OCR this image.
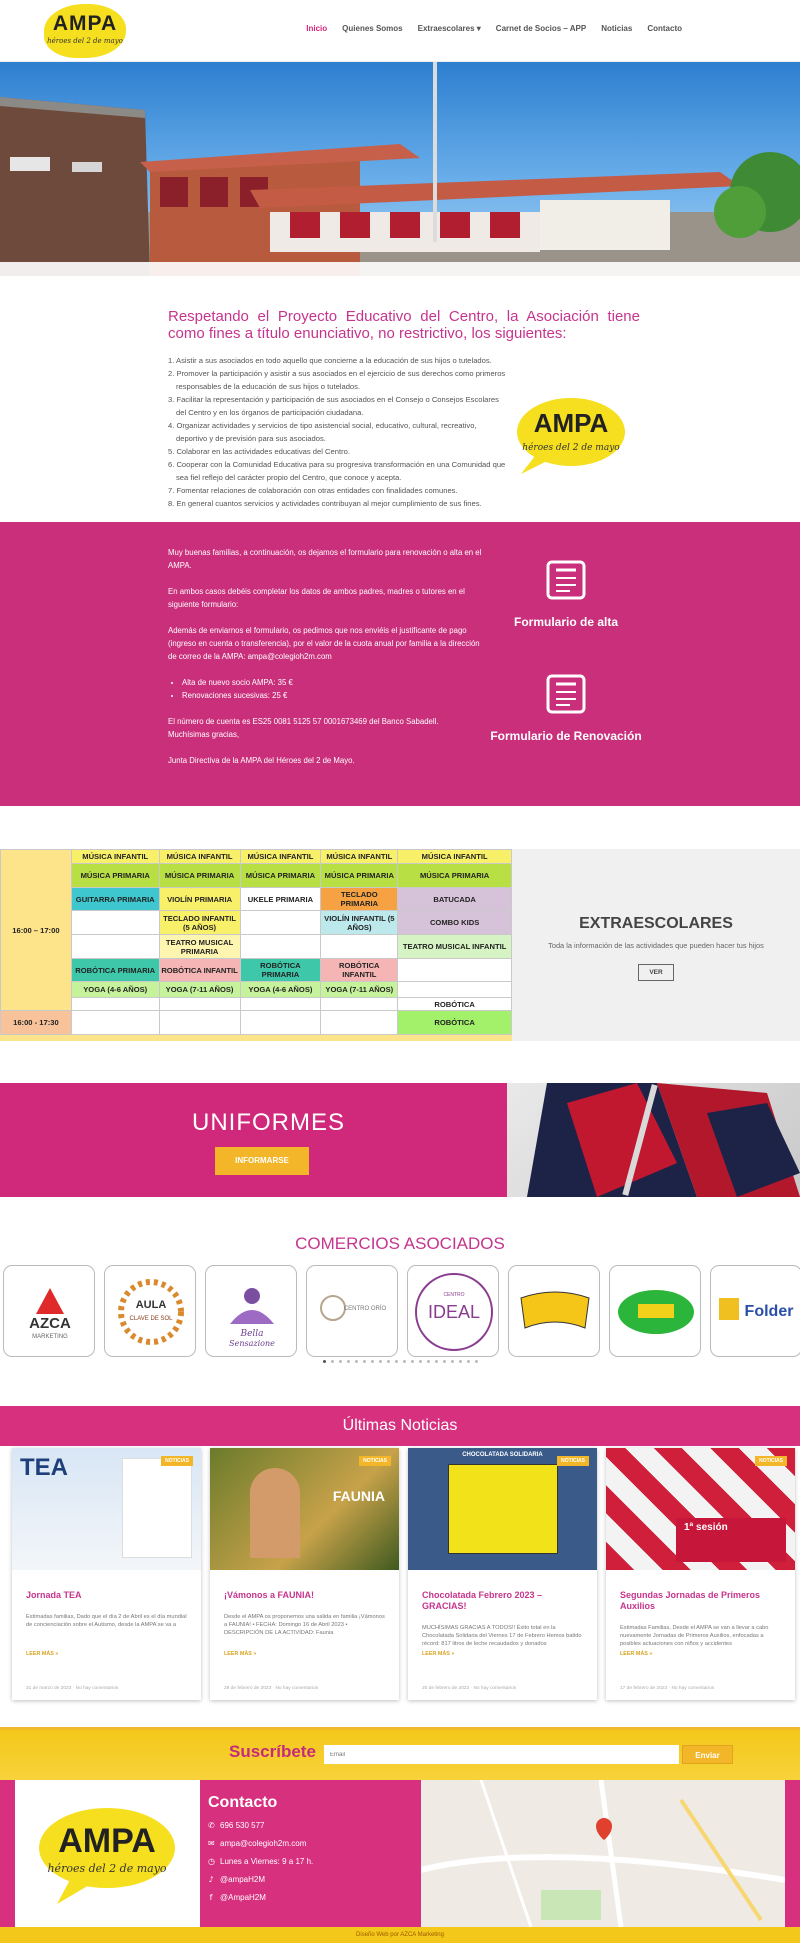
AMPA
héroes del 2 de mayo
Inicio Quienes Somos Extraescolares ▾ Carnet de Socios – APP Noticias Contacto
Respetando el Proyecto Educativo del Centro, la Asociación tiene como fines a título enunciativo, no restrictivo, los siguientes:
1. Asistir a sus asociados en todo aquello que concierne a la educación de sus hijos o tutelados.
2. Promover la participación y asistir a sus asociados en el ejercicio de sus derechos como primeros responsables de la educación de sus hijos o tutelados.
3. Facilitar la representación y participación de sus asociados en el Consejo o Consejos Escolares del Centro y en los órganos de participación ciudadana.
4. Organizar actividades y servicios de tipo asistencial social, educativo, cultural, recreativo, deportivo y de previsión para sus asociados.
5. Colaborar en las actividades educativas del Centro.
6. Cooperar con la Comunidad Educativa para su progresiva transformación en una Comunidad que sea fiel reflejo del carácter propio del Centro, que conoce y acepta.
7. Fomentar relaciones de colaboración con otras entidades con finalidades comunes.
8. En general cuantos servicios y actividades contribuyan al mejor cumplimiento de sus fines.
AMPA
héroes del 2 de mayo

Muy buenas familias, a continuación, os dejamos el formulario para renovación o alta en el AMPA.

En ambos casos debéis completar los datos de ambos padres, madres o tutores en el siguiente formulario:

Además de enviarnos el formulario, os pedimos que nos enviéis el justificante de pago (ingreso en cuenta o transferencia), por el valor de la cuota anual por familia a la dirección de correo de la AMPA: ampa@colegioh2m.com

• Alta de nuevo socio AMPA: 35 €
• Renovaciones sucesivas: 25 €
El número de cuenta es ES25 0081 5125 57 0001673469 del Banco Sabadell.
Muchísimas gracias,
Junta Directiva de la AMPA del Héroes del 2 de Mayo.
Formulario de alta
Formulario de Renovación
16:00 – 17:00	MÚSICA INFANTIL	MÚSICA INFANTIL	MÚSICA INFANTIL	MÚSICA INFANTIL	MÚSICA INFANTIL
	MÚSICA PRIMARIA	MÚSICA PRIMARIA	MÚSICA PRIMARIA	MÚSICA PRIMARIA	MÚSICA PRIMARIA
	GUITARRA PRIMARIA	VIOLÍN PRIMARIA	UKELE PRIMARIA	TECLADO PRIMARIA	BATUCADA
		TECLADO INFANTIL (5 AÑOS)		VIOLÍN INFANTIL (5 AÑOS)	COMBO KIDS
		TEATRO MUSICAL PRIMARIA			TEATRO MUSICAL INFANTIL
	ROBÓTICA PRIMARIA	ROBÓTICA INFANTIL	ROBÓTICA PRIMARIA	ROBÓTICA INFANTIL	
	YOGA (4-6 AÑOS)	YOGA (7-11 AÑOS)	YOGA (4-6 AÑOS)	YOGA (7-11 AÑOS)	
					ROBÓTICA
16:00 - 17:30					ROBÓTICA
EXTRAESCOLARES
Toda la información de las actividades que pueden hacer tus hijos
VER
UNIFORMES
INFORMARSE
COMERCIOS ASOCIADOS
AZCA
MARKETING
AULA
CLAVE DE SOL
Bella
Sensazione
CENTRO ORÍO
CENTRO
IDEAL	Folder
Últimas Noticias
TEA	NOTICIAS
Jornada TEA
Estimadas familias, Dado que el día 2 de Abril es el día mundial de concienciación sobre el Autismo, desde la AMPA se va a
LEER MÁS »
31 de marzo de 2023 · No hay comentarios
FAUNIA
NOTICIAS
¡Vámonos a FAUNIA!
Desde el AMPA os proponemos una salida en familia ¡Vámonos a FAUNIA! • FECHA: Domingo 16 de Abril 2023 • DESCRIPCIÓN DE LA ACTIVIDAD: Faunia
LEER MÁS »
28 de febrero de 2023 · No hay comentarios
CHOCOLATADA SOLIDARIA
NOTICIAS
Chocolatada Febrero 2023 – GRACIAS!
MUCHÍSIMAS GRACIAS A TODOS!! Éxito total en la Chocolatada Solidaria del Viernes 17 de Febrero Hemos batido récord: 817 litros de leche recaudados y donados
LEER MÁS »
20 de febrero de 2023 · No hay comentarios
1ª sesión
NOTICIAS
Segundas Jornadas de Primeros Auxilios
Estimadas Familias, Desde el AMPA se van a llevar a cabo nuevamente Jornadas de Primeros Auxilios, enfocadas a posibles actuaciones con niños y accidentes
LEER MÁS »
17 de febrero de 2023 · No hay comentarios
Suscríbete
Email	Enviar
AMPA
héroes del 2 de mayo
Contacto
✆ 696 530 577
✉ ampa@colegioh2m.com
◷ Lunes a Viernes: 9 a 17 h.
♪ @ampaH2M
f @AmpaH2M
Diseño Web por AZCA Marketing
